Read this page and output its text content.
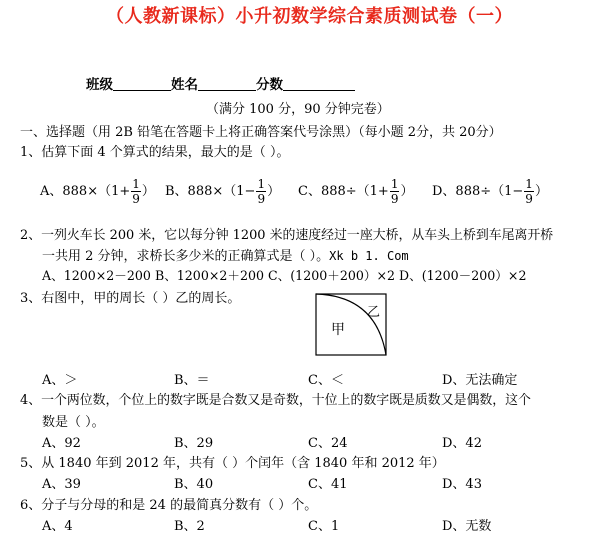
（人教新课标）小升初数学综合素质测试卷（一）
班级	姓名	分数
（满分 100 分，90 分钟完卷）
一、选择题（用 2B 铅笔在答题卡上将正确答案代号涂黑）（每小题 2分，共 20分）
1、估算下面 4 个算式的结果，最大的是（ ）。
A、$888\times(1+ \frac{1}{9}$ ） B、$888\times(1- \frac{1}{9}$ ） C、$888\div(1+ \frac{1}{9}$ ） D、$888\div(1- \frac{1}{9}$ ）
2、一列火车长 200 米，它以每分钟 1200 米的速度经过一座大桥，从车头上桥到车尾离开桥
一共用 2 分钟，求桥长多少米的正确算式是（ ）。Xk b 1. Com
A、1200×2－200 B、1200×2＋200 C、(1200＋200）×2 D、(1200－200）×2
3、右图中，甲的周长（ ）乙的周长。
甲
乙
A、＞	B、＝	C、＜	D、无法确定
4、一个两位数，个位上的数字既是合数又是奇数，十位上的数字既是质数又是偶数，这个
数是（ ）。
A、92	B、29	C、24	D、42
5、从 1840 年到 2012 年，共有（ ）个闰年（含 1840 年和 2012 年）
A、39	B、40	C、41	D、43
6、分子与分母的和是 24 的最简真分数有（ ）个。
A、4	B、2	C、1	D、无数
